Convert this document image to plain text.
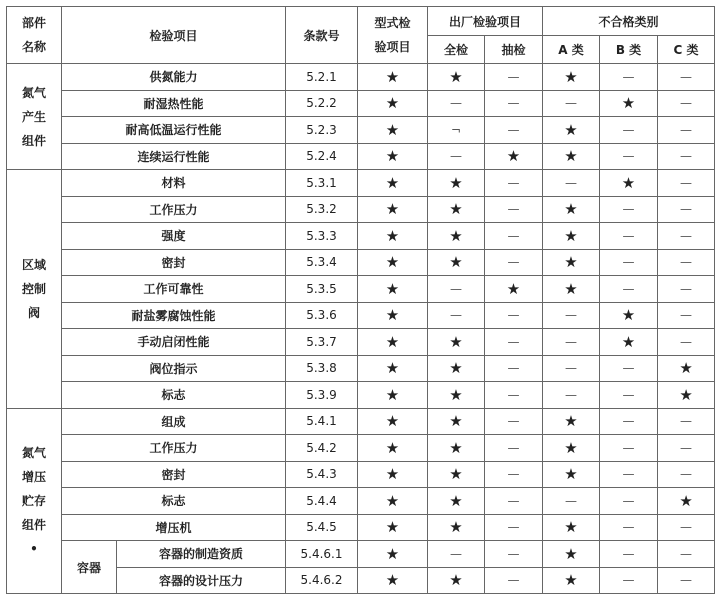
部件
名称	检验项目		条款号	型式检
验项目	出厂检验项目		不合格类别		
					全检	抽检	A 类	B 类	C 类
氮气
产生
组件	供氮能力		5.2.1	★	★	—	★	—	—
	耐湿热性能		5.2.2	★	—	—	—	★	—
	耐高低温运行性能		5.2.3	★	¬	—	★	—	—
	连续运行性能		5.2.4	★	—	★	★	—	—
区域
控制
阀	材料		5.3.1	★	★	—	—	★	—
	工作压力		5.3.2	★	★	—	★	—	—
	强度		5.3.3	★	★	—	★	—	—
	密封		5.3.4	★	★	—	★	—	—
	工作可靠性		5.3.5	★	—	★	★	—	—
	耐盐雾腐蚀性能		5.3.6	★	—	—	—	★	—
	手动启闭性能		5.3.7	★	★	—	—	★	—
	阀位指示		5.3.8	★	★	—	—	—	★
	标志		5.3.9	★	★	—	—	—	★
氮气
增压
贮存
组件
•	组成		5.4.1	★	★	—	★	—	—
	工作压力		5.4.2	★	★	—	★	—	—
	密封		5.4.3	★	★	—	★	—	—
	标志		5.4.4	★	★	—	—	—	★
	增压机		5.4.5	★	★	—	★	—	—
	容器	容器的制造资质	5.4.6.1	★	—	—	★	—	—
		容器的设计压力	5.4.6.2	★	★	—	★	—	—
